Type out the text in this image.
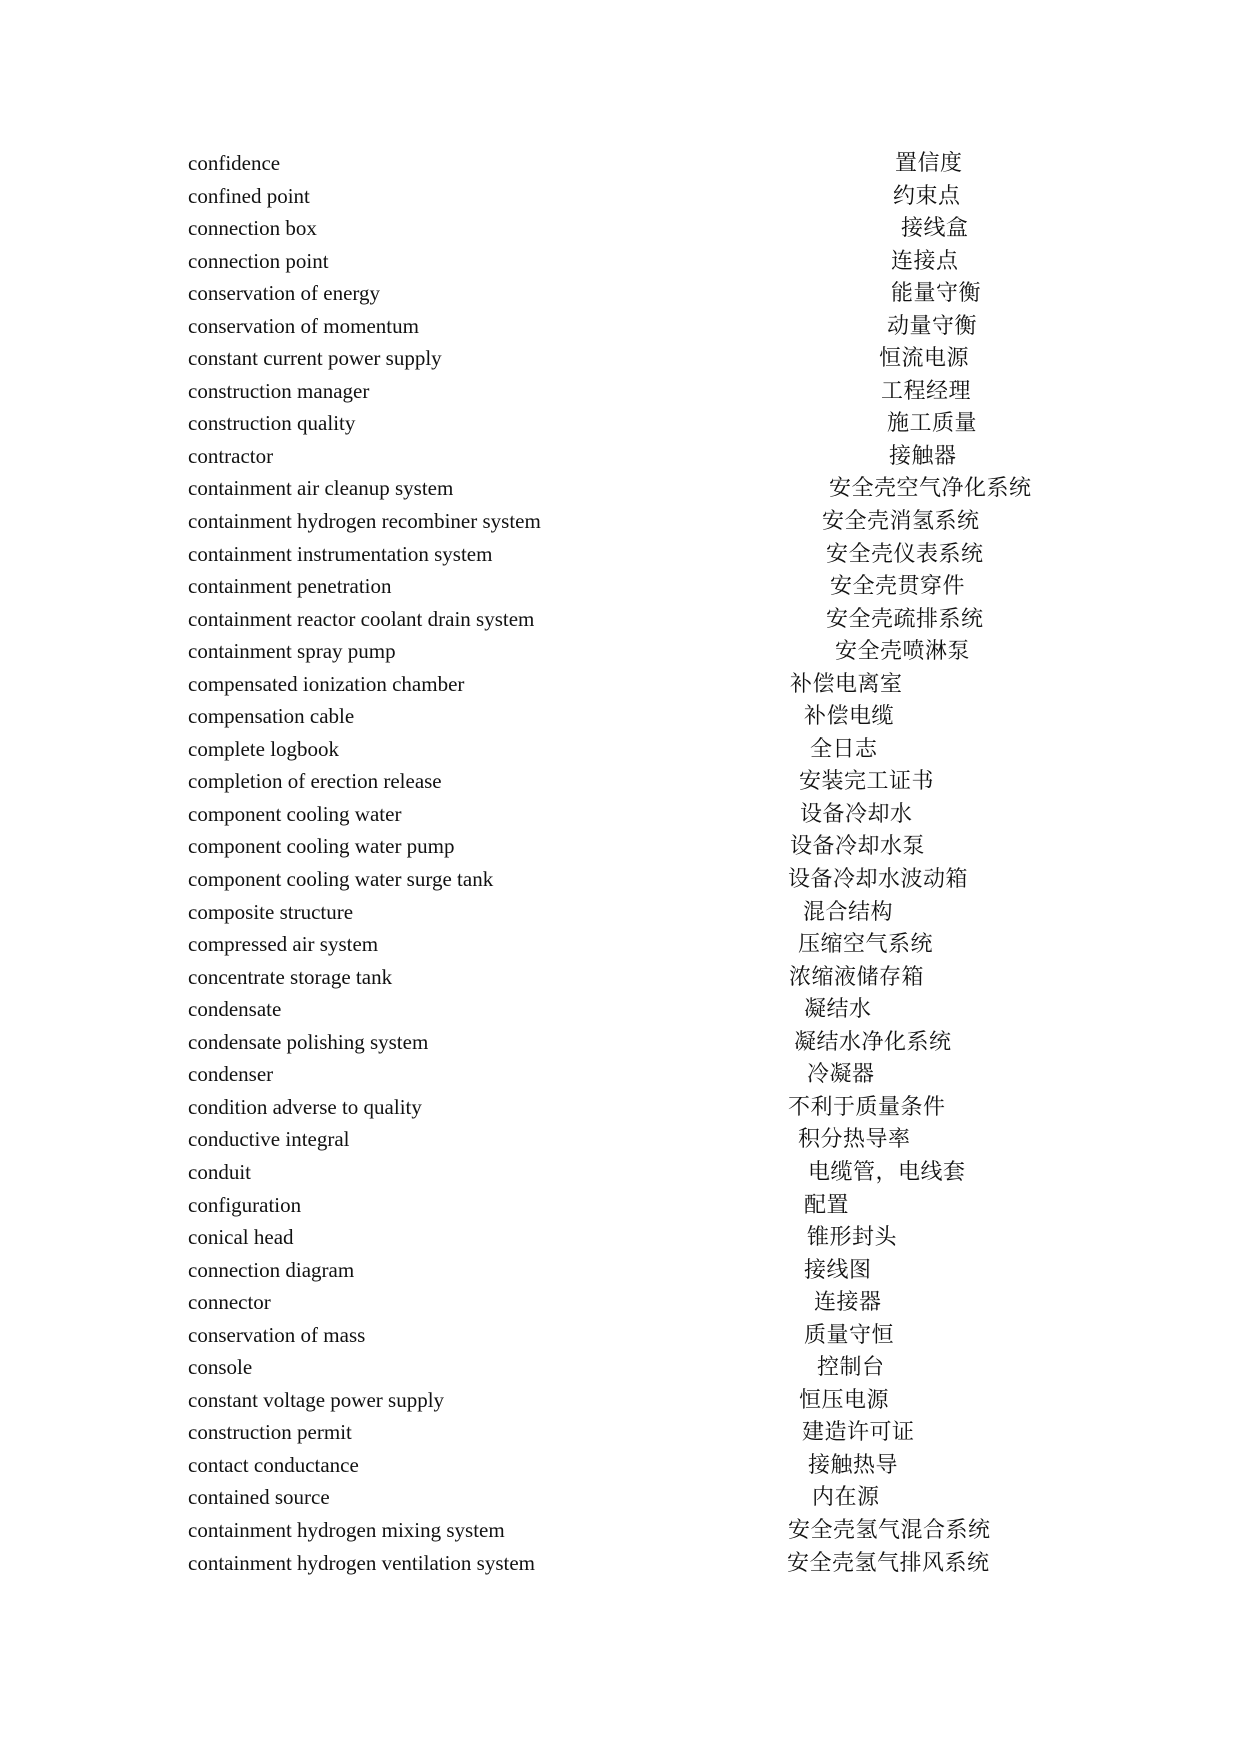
confidence	置信度
confined point	约束点
connection box	接线盒
connection point	连接点
conservation of energy	能量守衡
conservation of momentum	动量守衡
constant current power supply	恒流电源
construction manager	工程经理
construction quality	施工质量
contractor	接触器
containment air cleanup system	安全壳空气净化系统
containment hydrogen recombiner system	安全壳消氢系统
containment instrumentation system	安全壳仪表系统
containment penetration	安全壳贯穿件
containment reactor coolant drain system	安全壳疏排系统
containment spray pump	安全壳喷淋泵
compensated ionization chamber	补偿电离室
compensation cable	补偿电缆
complete logbook	全日志
completion of erection release	安装完工证书
component cooling water	设备冷却水
component cooling water pump	设备冷却水泵
component cooling water surge tank	设备冷却水波动箱
composite structure	混合结构
compressed air system	压缩空气系统
concentrate storage tank	浓缩液储存箱
condensate	凝结水
condensate polishing system	凝结水净化系统
condenser	冷凝器
condition adverse to quality	不利于质量条件
conductive integral	积分热导率
conduit	电缆管，电线套
configuration	配置
conical head	锥形封头
connection diagram	接线图
connector	连接器
conservation of mass	质量守恒
console	控制台
constant voltage power supply	恒压电源
construction permit	建造许可证
contact conductance	接触热导
contained source	内在源
containment hydrogen mixing system	安全壳氢气混合系统
containment hydrogen ventilation system	安全壳氢气排风系统
